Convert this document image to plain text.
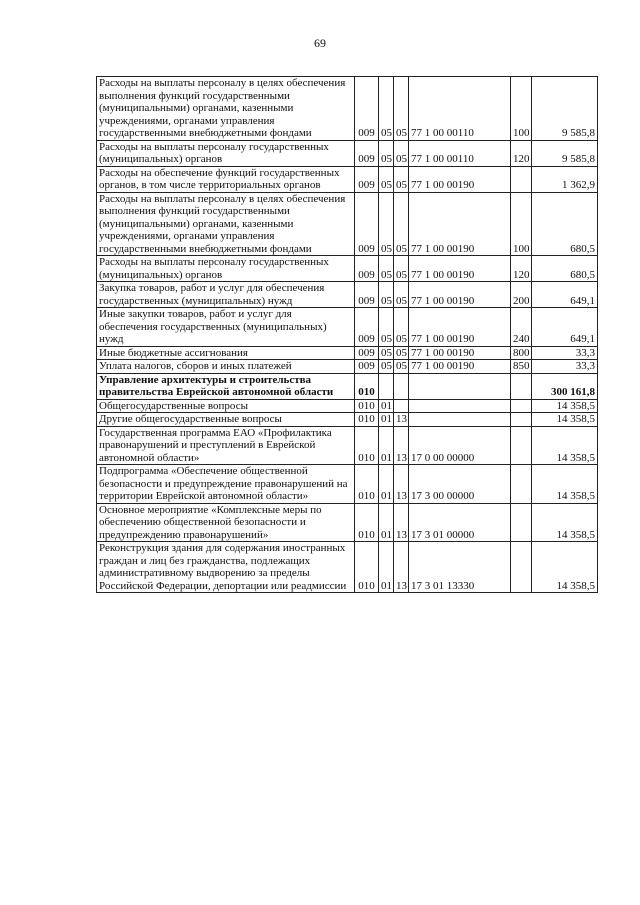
69
Расходы на выплаты персоналу в целях обеспечения выполнения функций государственными (муниципальными) органами, казенными учреждениями, органами управления государственными внебюджетными фондами	009	05	05	77 1 00 00110	100	9 585,8
Расходы на выплаты персоналу государственных (муниципальных) органов	009	05	05	77 1 00 00110	120	9 585,8
Расходы на обеспечение функций государственных органов, в том числе территориальных органов	009	05	05	77 1 00 00190		1 362,9
Расходы на выплаты персоналу в целях обеспечения выполнения функций государственными (муниципальными) органами, казенными учреждениями, органами управления государственными внебюджетными фондами	009	05	05	77 1 00 00190	100	680,5
Расходы на выплаты персоналу государственных (муниципальных) органов	009	05	05	77 1 00 00190	120	680,5
Закупка товаров, работ и услуг для обеспечения государственных (муниципальных) нужд	009	05	05	77 1 00 00190	200	649,1
Иные закупки товаров, работ и услуг для обеспечения государственных (муниципальных) нужд	009	05	05	77 1 00 00190	240	649,1
Иные бюджетные ассигнования	009	05	05	77 1 00 00190	800	33,3
Уплата налогов, сборов и иных платежей	009	05	05	77 1 00 00190	850	33,3
Управление архитектуры и строительства правительства Еврейской автономной области	010					300 161,8
Общегосударственные вопросы	010	01				14 358,5
Другие общегосударственные вопросы	010	01	13			14 358,5
Государственная программа ЕАО «Профилактика правонарушений и преступлений в Еврейской автономной области»	010	01	13	17 0 00 00000		14 358,5
Подпрограмма «Обеспечение общественной безопасности и предупреждение правонарушений на территории Еврейской автономной области»	010	01	13	17 3 00 00000		14 358,5
Основное мероприятие «Комплексные меры по обеспечению общественной безопасности и предупреждению правонарушений»	010	01	13	17 3 01 00000		14 358,5
Реконструкция здания для содержания иностранных граждан и лиц без гражданства, подлежащих административному выдворению за пределы Российской Федерации, депортации или реадмиссии	010	01	13	17 3 01 13330		14 358,5
